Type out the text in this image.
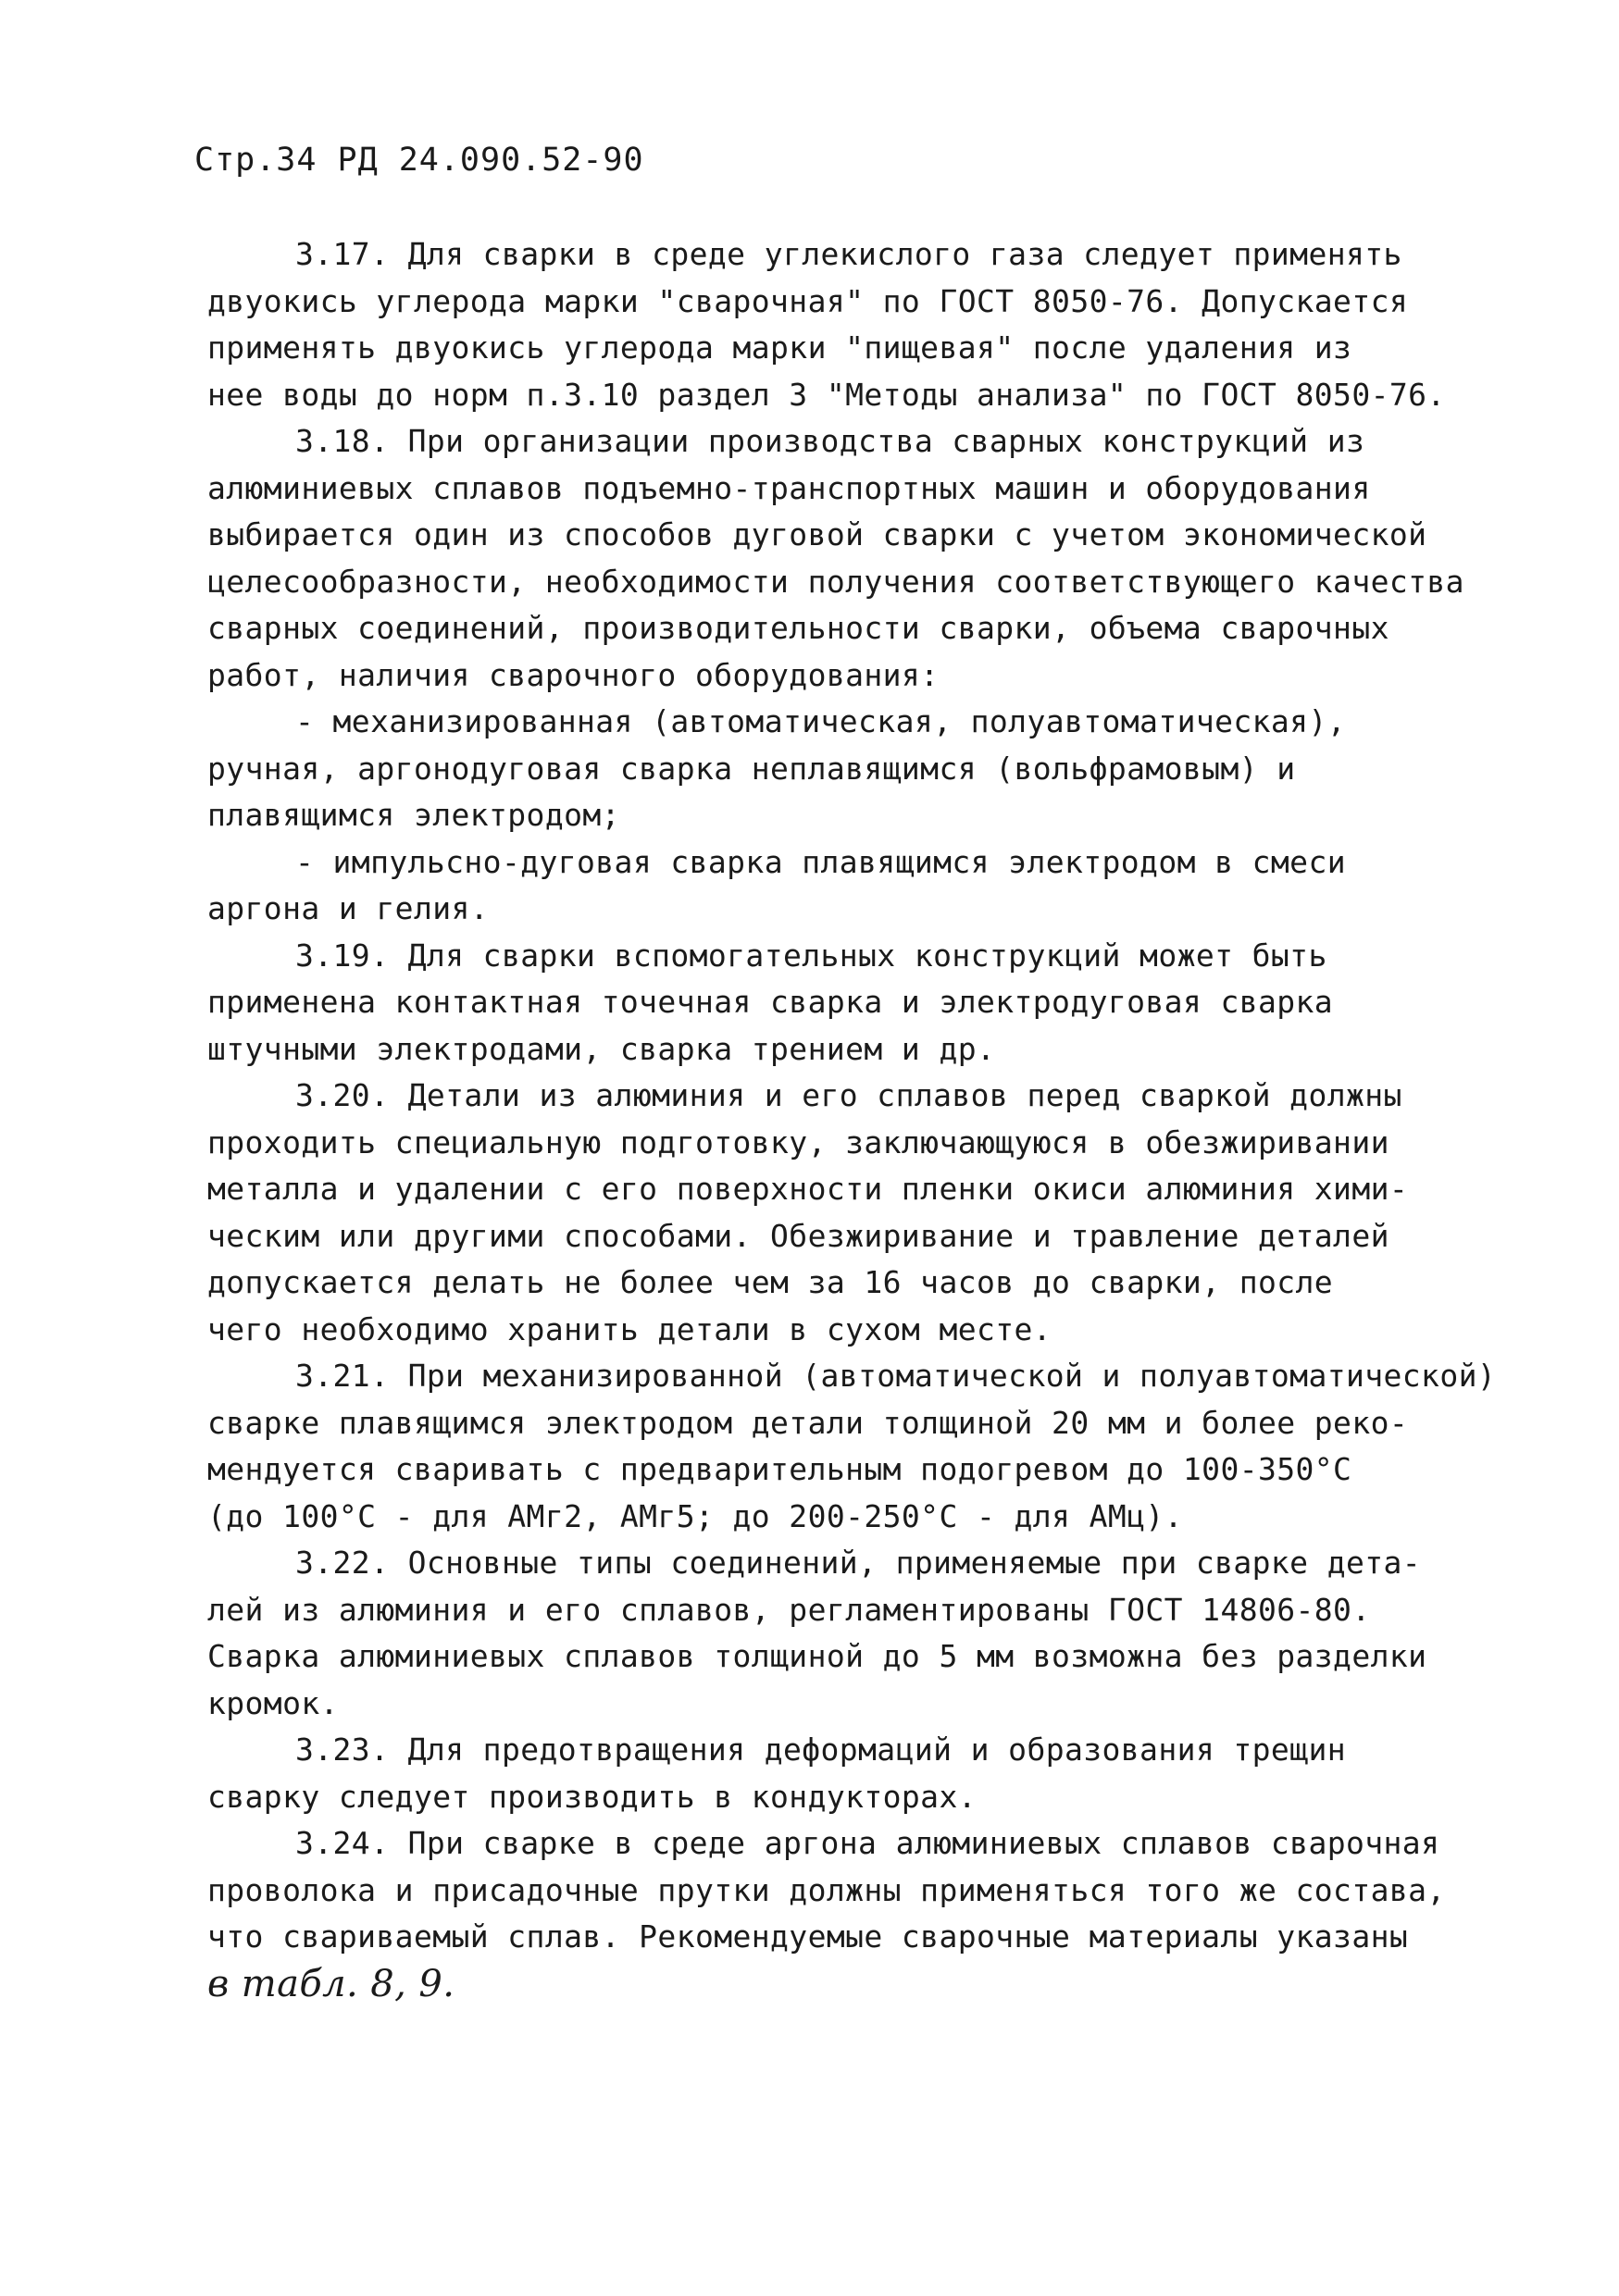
Стр.34 РД 24.090.52-90
3.17. Для сварки в среде углекислого газа следует применять
двуокись углерода марки "сварочная" по ГОСТ 8050-76. Допускается
применять двуокись углерода марки "пищевая" после удаления из
нее воды до норм п.3.10 раздел 3 "Методы анализа" по ГОСТ 8050-76.
3.18. При организации производства сварных конструкций из
алюминиевых сплавов подъемно-транспортных машин и оборудования
выбирается один из способов дуговой сварки с учетом экономической
целесообразности, необходимости получения соответствующего качества
сварных соединений, производительности сварки, объема сварочных
работ, наличия сварочного оборудования:
- механизированная (автоматическая, полуавтоматическая),
ручная, аргонодуговая сварка неплавящимся (вольфрамовым) и
плавящимся электродом;
- импульсно-дуговая сварка плавящимся электродом в смеси
аргона и гелия.
3.19. Для сварки вспомогательных конструкций может быть
применена контактная точечная сварка и электродуговая сварка
штучными электродами, сварка трением и др.
3.20. Детали из алюминия и его сплавов перед сваркой должны
проходить специальную подготовку, заключающуюся в обезжиривании
металла и удалении с его поверхности пленки окиси алюминия хими-
ческим или другими способами. Обезжиривание и травление деталей
допускается делать не более чем за 16 часов до сварки, после
чего необходимо хранить детали в сухом месте.
3.21. При механизированной (автоматической и полуавтоматической)
сварке плавящимся электродом детали толщиной 20 мм и более реко-
мендуется сваривать с предварительным подогревом до 100-350°С
(до 100°С - для АМг2, АМг5; до 200-250°С - для АМц).
3.22. Основные типы соединений, применяемые при сварке дета-
лей из алюминия и его сплавов, регламентированы ГОСТ 14806-80.
Сварка алюминиевых сплавов толщиной до 5 мм возможна без разделки
кромок.
3.23. Для предотвращения деформаций и образования трещин
сварку следует производить в кондукторах.
3.24. При сварке в среде аргона алюминиевых сплавов сварочная
проволока и присадочные прутки должны применяться того же состава,
что свариваемый сплав. Рекомендуемые сварочные материалы указаны
в табл. 8, 9.
